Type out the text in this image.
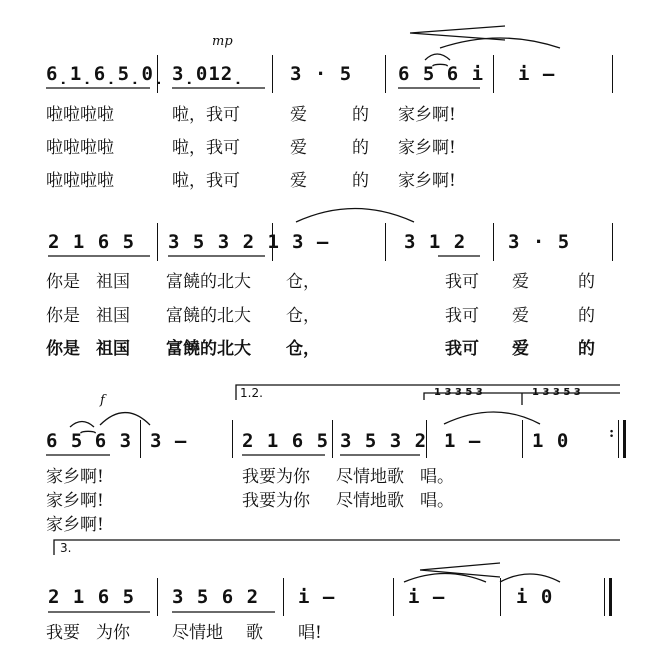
mp
6̣1̣6̣5̣0̣ 3̣012̣ 3 · 5 6 5͡6 i i –
啦啦啦啦	啦，我可	爱	的 家乡啊!
啦啦啦啦	啦，我可	爱	的 家乡啊!
啦啦啦啦	啦，我可	爱	的 家乡啊!
2 1 6 5 3 5 3 2 1 3 –	3 1 2 3 · 5
你是 祖国 富饒的北大 仓，	我可 爱	的
你是 祖国 富饒的北大 仓，	我可 爱	的
你是 祖国 富饒的北大 仓，	我可 爱	的
f	1.2.	1 3 3 5 3	1 3 3 5 3
:
6 5͡6 3 3 –	2 1 6 5 3 5 3 2 1 –	1 0
家乡啊!	我要为你 尽情地歌 唱。
家乡啊!	我要为你 尽情地歌 唱。
家乡啊!
3.
2 1 6 5 3 5 6 2 i –	i –	i 0
我要 为你 尽情地 歌 唱!
